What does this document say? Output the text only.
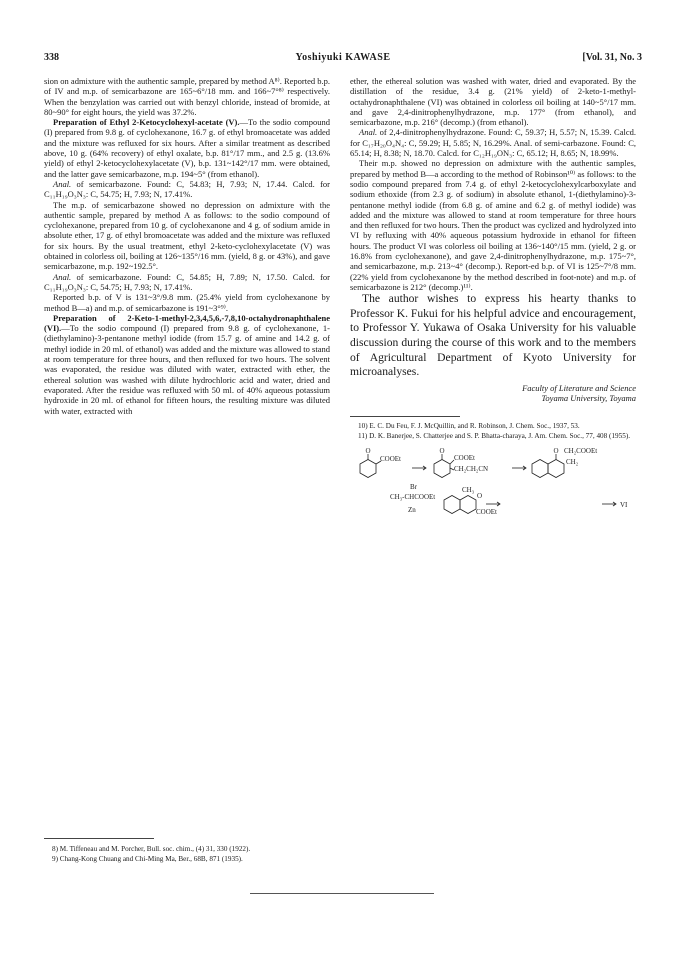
338	Yoshiyuki KAWASE	[Vol. 31, No. 3

sion on admixture with the authentic sample, prepared by method A⁸⁾. Reported b.p. of IV and m.p. of semicarbazone are 165~6°/18 mm. and 166~7°⁸⁾ respectively. When the benzylation was carried out with benzyl chloride, instead of bromide, at 80~90° for eight hours, the yield was 37.2%.

Preparation of Ethyl 2-Ketocyclohexyl-acetate (V).—To the sodio compound (I) prepared from 9.8 g. of cyclohexanone, 16.7 g. of ethyl bromoacetate was added and the mixture was refluxed for six hours. After a similar treatment as described above, 10 g. (64% recovery) of ethyl oxalate, b.p. 81°/17 mm., and 2.5 g. (13.6% yield) of ethyl 2-ketocyclohexylacetate (V), b.p. 131~142°/17 mm. were obtained, and the latter gave semicarbazone, m.p. 194~5° (from ethanol).

Anal. of semicarbazone. Found: C, 54.83; H, 7.93; N, 17.44. Calcd. for C₁₁H₁₉O₃N₃: C, 54.75; H, 7.93; N, 17.41%.

The m.p. of semicarbazone showed no depression on admixture with the authentic sample, prepared by method A as follows: to the sodio compound of cyclohexanone, prepared from 10 g. of cyclohexanone and 4 g. of sodium amide in absolute ether, 17 g. of ethyl bromoacetate was added and the mixture was refluxed for six hours. By the usual treatment, ethyl 2-keto-cyclohexylacetate (V) was obtained in colorless oil, boiling at 126~135°/16 mm. (yield, 8 g. or 43%), and gave semicarbazone, m.p. 192~192.5°.

Anal. of semicarbazone. Found: C, 54.85; H, 7.89; N, 17.50. Calcd. for C₁₁H₁₉O₃N₃: C, 54.75; H, 7.93; N, 17.41%.

Reported b.p. of V is 131~3°/9.8 mm. (25.4% yield from cyclohexanone by method B—a) and m.p. of semicarbazone is 191~3°⁹⁾.

Preparation of 2-Keto-1-methyl-2,3,4,5,6,-7,8,10-octahydronaphthalene (VI).—To the sodio compound (I) prepared from 9.8 g. of cyclohexanone, 1-(diethylamino)-3-pentanone methyl iodide (from 15.7 g. of amine and 14.2 g. of methyl iodide in 20 ml. of ethanol) was added and the mixture was allowed to stand at room temperature for three hours, and then refluxed for two hours. The solvent was evaporated, the residue was diluted with water, extracted with ether, the ethereal solution was washed with dilute hydrochloric acid and water, dried and evaporated. After the residue was refluxed with 50 ml. of 40% aqueous potassium hydroxide in 20 ml. of ethanol for fifteen hours, the resulting mixture was diluted with water, extracted with

ether, the ethereal solution was washed with water, dried and evaporated. By the distillation of the residue, 3.4 g. (21% yield) of 2-keto-1-methyl-octahydronaphthalene (VI) was obtained in colorless oil boiling at 140~5°/17 mm. and gave 2,4-dinitrophenylhydrazone, m.p. 177° (from ethanol), and semicarbazone, m.p. 216° (decomp.) (from ethanol).

Anal. of 2,4-dinitrophenylhydrazone. Found: C, 59.37; H, 5.57; N, 15.39. Calcd. for C₁₇H₂₀O₄N₄: C, 59.29; H, 5.85; N, 16.29%. Anal. of semi-carbazone. Found: C, 65.14; H, 8.38; N, 18.70. Calcd. for C₁₂H₁₉ON₃: C, 65.12; H, 8.65; N, 18.99%.

Their m.p. showed no depression on admixture with the authentic samples, prepared by method B—a according to the method of Robinson¹⁰⁾ as follows: to the sodio compound prepared from 7.4 g. of ethyl 2-ketocyclohexylcarboxylate and sodium ethoxide (from 2.3 g. of sodium) in absolute ethanol, 1-(diethylamino)-3-pentanone methyl iodide (from 6.8 g. of amine and 6.2 g. of methyl iodide) was added and the mixture was allowed to stand at room temperature for three hours and then refluxed for two hours. Then the product was cyclized and hydrolyzed into VI by refluxing with 40% aqueous potassium hydroxide in ethanol for fifteen hours. The product VI was colorless oil boiling at 136~140°/15 mm. (yield, 2 g. or 16.8% from cyclohexanone), and gave 2,4-dinitrophenylhydrazone, m.p. 175~7°, and semicarbazone, m.p. 213~4° (decomp.). Report-ed b.p. of VI is 125~7°/8 mm. (22% yield from cyclohexanone by the method described in foot-note) and m.p. of semicarbazone is 212° (decomp.)¹¹⁾.

The author wishes to express his hearty thanks to Professor K. Fukui for his helpful advice and encouragement, to Professor Y. Yukawa of Osaka University for his valuable discussion during the course of this work and to the members of Agricultural Department of Kyoto University for microanalyses.

Faculty of Literature and Science
Toyama University, Toyama

10) E. C. Du Feu, F. J. McQuillin, and R. Robinson, J. Chem. Soc., 1937, 53.

11) D. K. Banerjee, S. Chatterjee and S. P. Bhatta-charaya, J. Am. Chem. Soc., 77, 408 (1955).

O
COOEt
O
COOEt
CH₂CH₂CN
O CH₂COOEt
CH₂
Br
CH₃-CHCOOEt
Zn
CH₃
O
COOEt
VI

8) M. Tiffeneau and M. Porcher, Bull. soc. chim., (4) 31, 330 (1922).

9) Chang-Kong Chuang and Chi-Ming Ma, Ber., 68B, 871 (1935).
